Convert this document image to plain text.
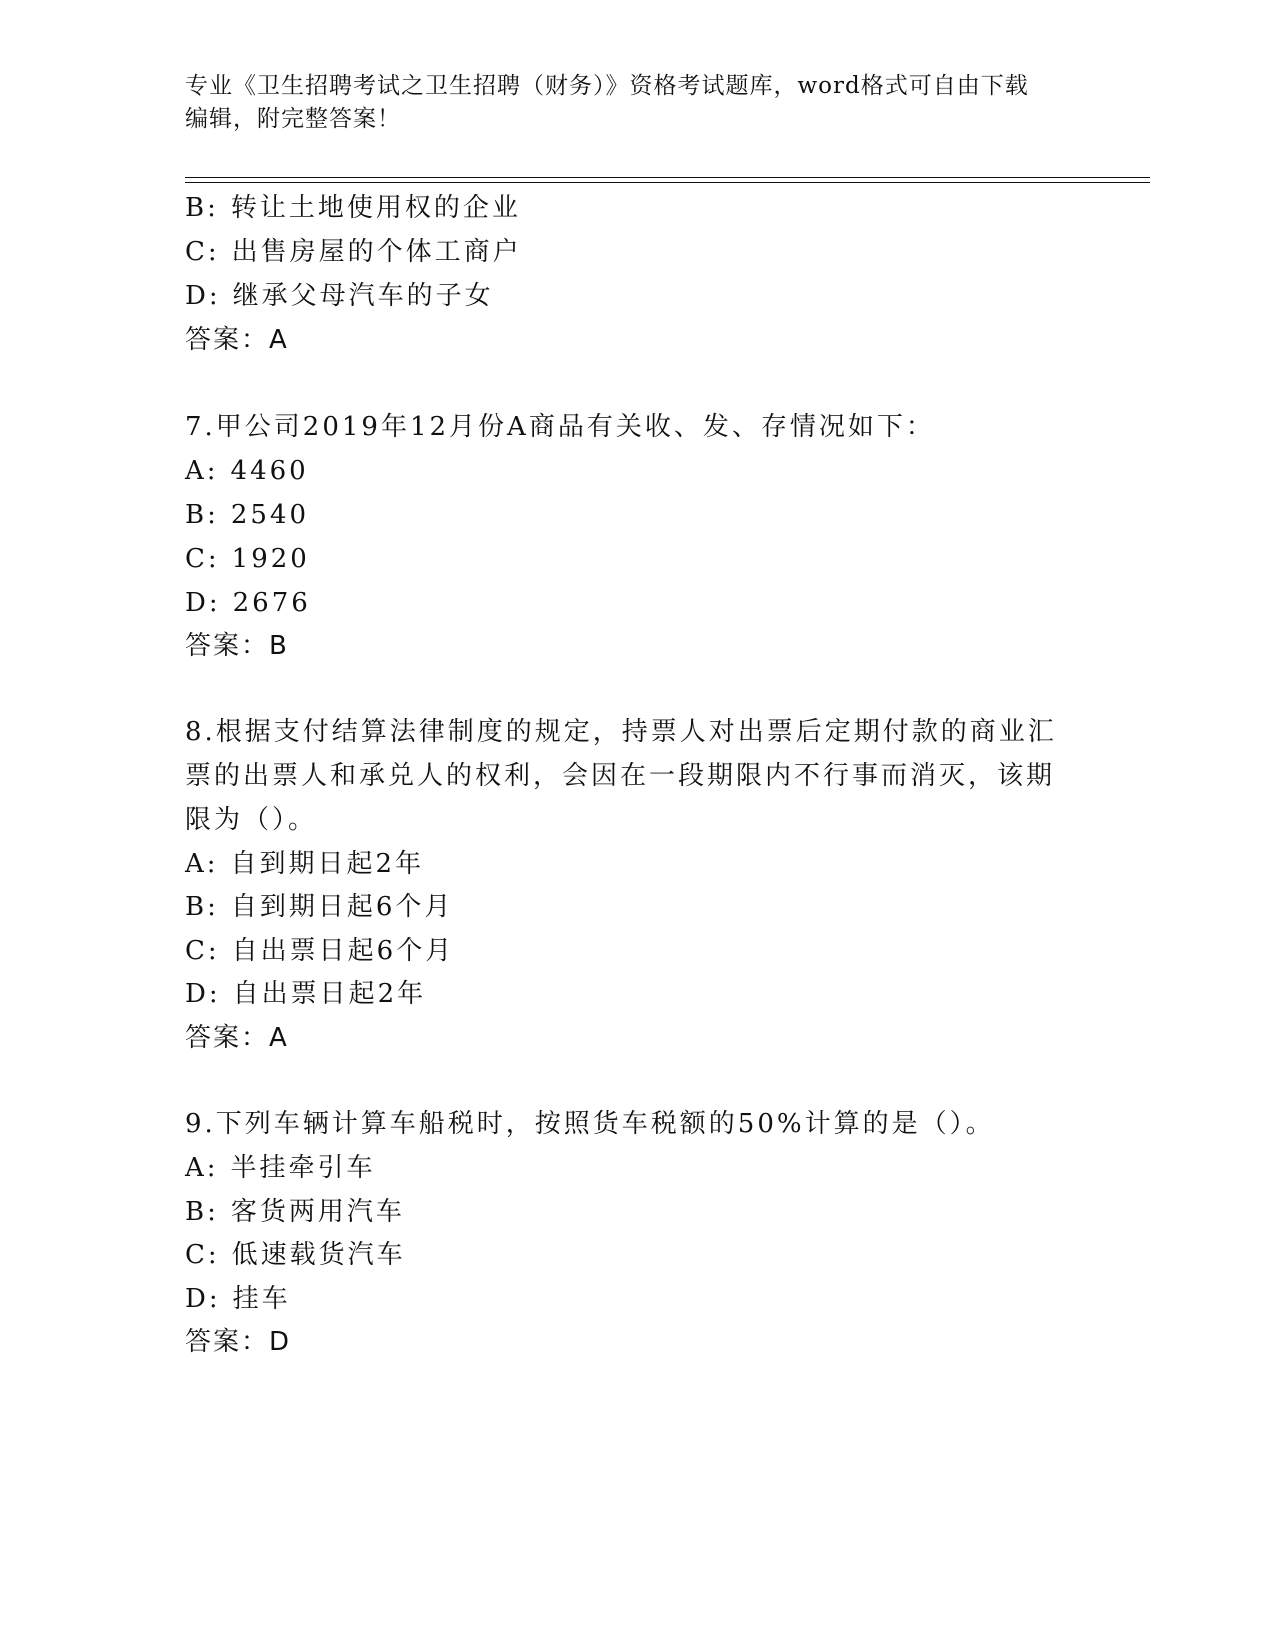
专业《卫生招聘考试之卫生招聘（财务）》资格考试题库，word格式可自由下载
编辑，附完整答案！
B: 转让土地使用权的企业
C: 出售房屋的个体工商户
D: 继承父母汽车的子女
答案：A
7.甲公司2019年12月份A商品有关收、发、存情况如下：
A: 4460
B: 2540
C: 1920
D: 2676
答案：B
8.根据支付结算法律制度的规定，持票人对出票后定期付款的商业汇
票的出票人和承兑人的权利，会因在一段期限内不行事而消灭，该期
限为（）。
A: 自到期日起2年
B: 自到期日起6个月
C: 自出票日起6个月
D: 自出票日起2年
答案：A
9.下列车辆计算车船税时，按照货车税额的50%计算的是（）。
A: 半挂牵引车
B: 客货两用汽车
C: 低速载货汽车
D: 挂车
答案：D
